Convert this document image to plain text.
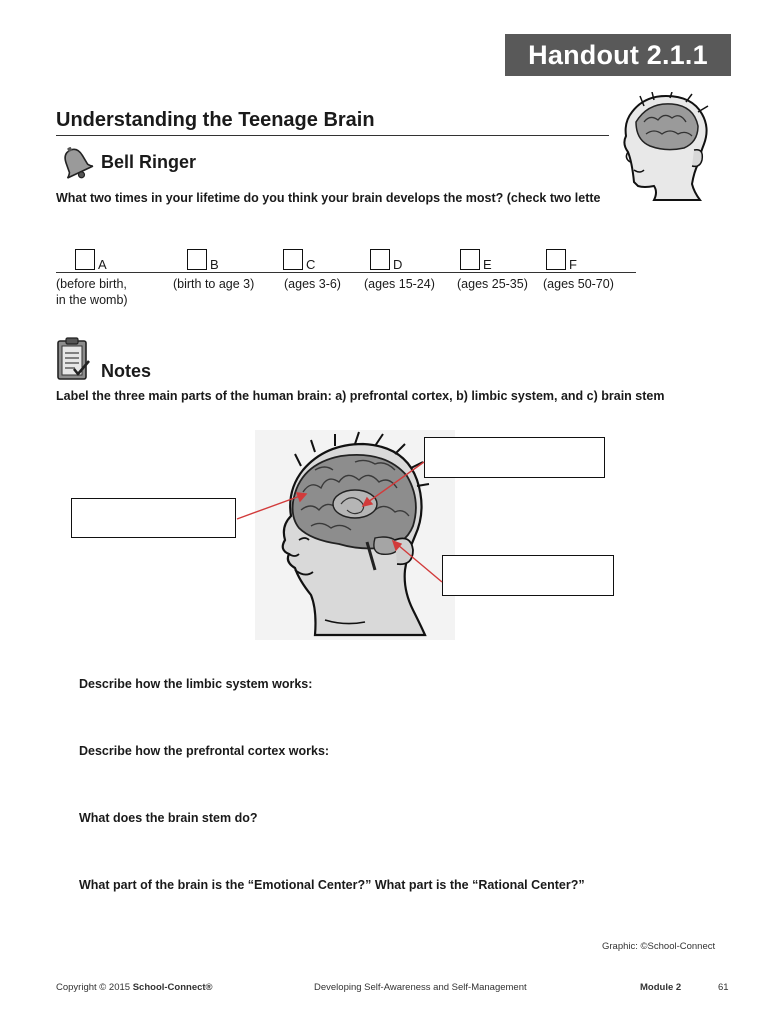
Handout 2.1.1
Understanding the Teenage Brain
Bell Ringer
What two times in your lifetime do you think your brain develops the most? (check two lette
A	B	C	D	E	F
(before birth,
in the womb)
(birth to age 3) (ages 3-6) (ages 15-24) (ages 25-35) (ages 50-70)
Notes
Label the three main parts of the human brain: a) prefrontal cortex, b) limbic system, and c) brain stem
Describe how the limbic system works:
Describe how the prefrontal cortex works:
What does the brain stem do?
What part of the brain is the “Emotional Center?” What part is the “Rational Center?”
Graphic: ©School-Connect
Copyright © 2015 School-Connect®	Developing Self-Awareness and Self-Management	Module 2	61
